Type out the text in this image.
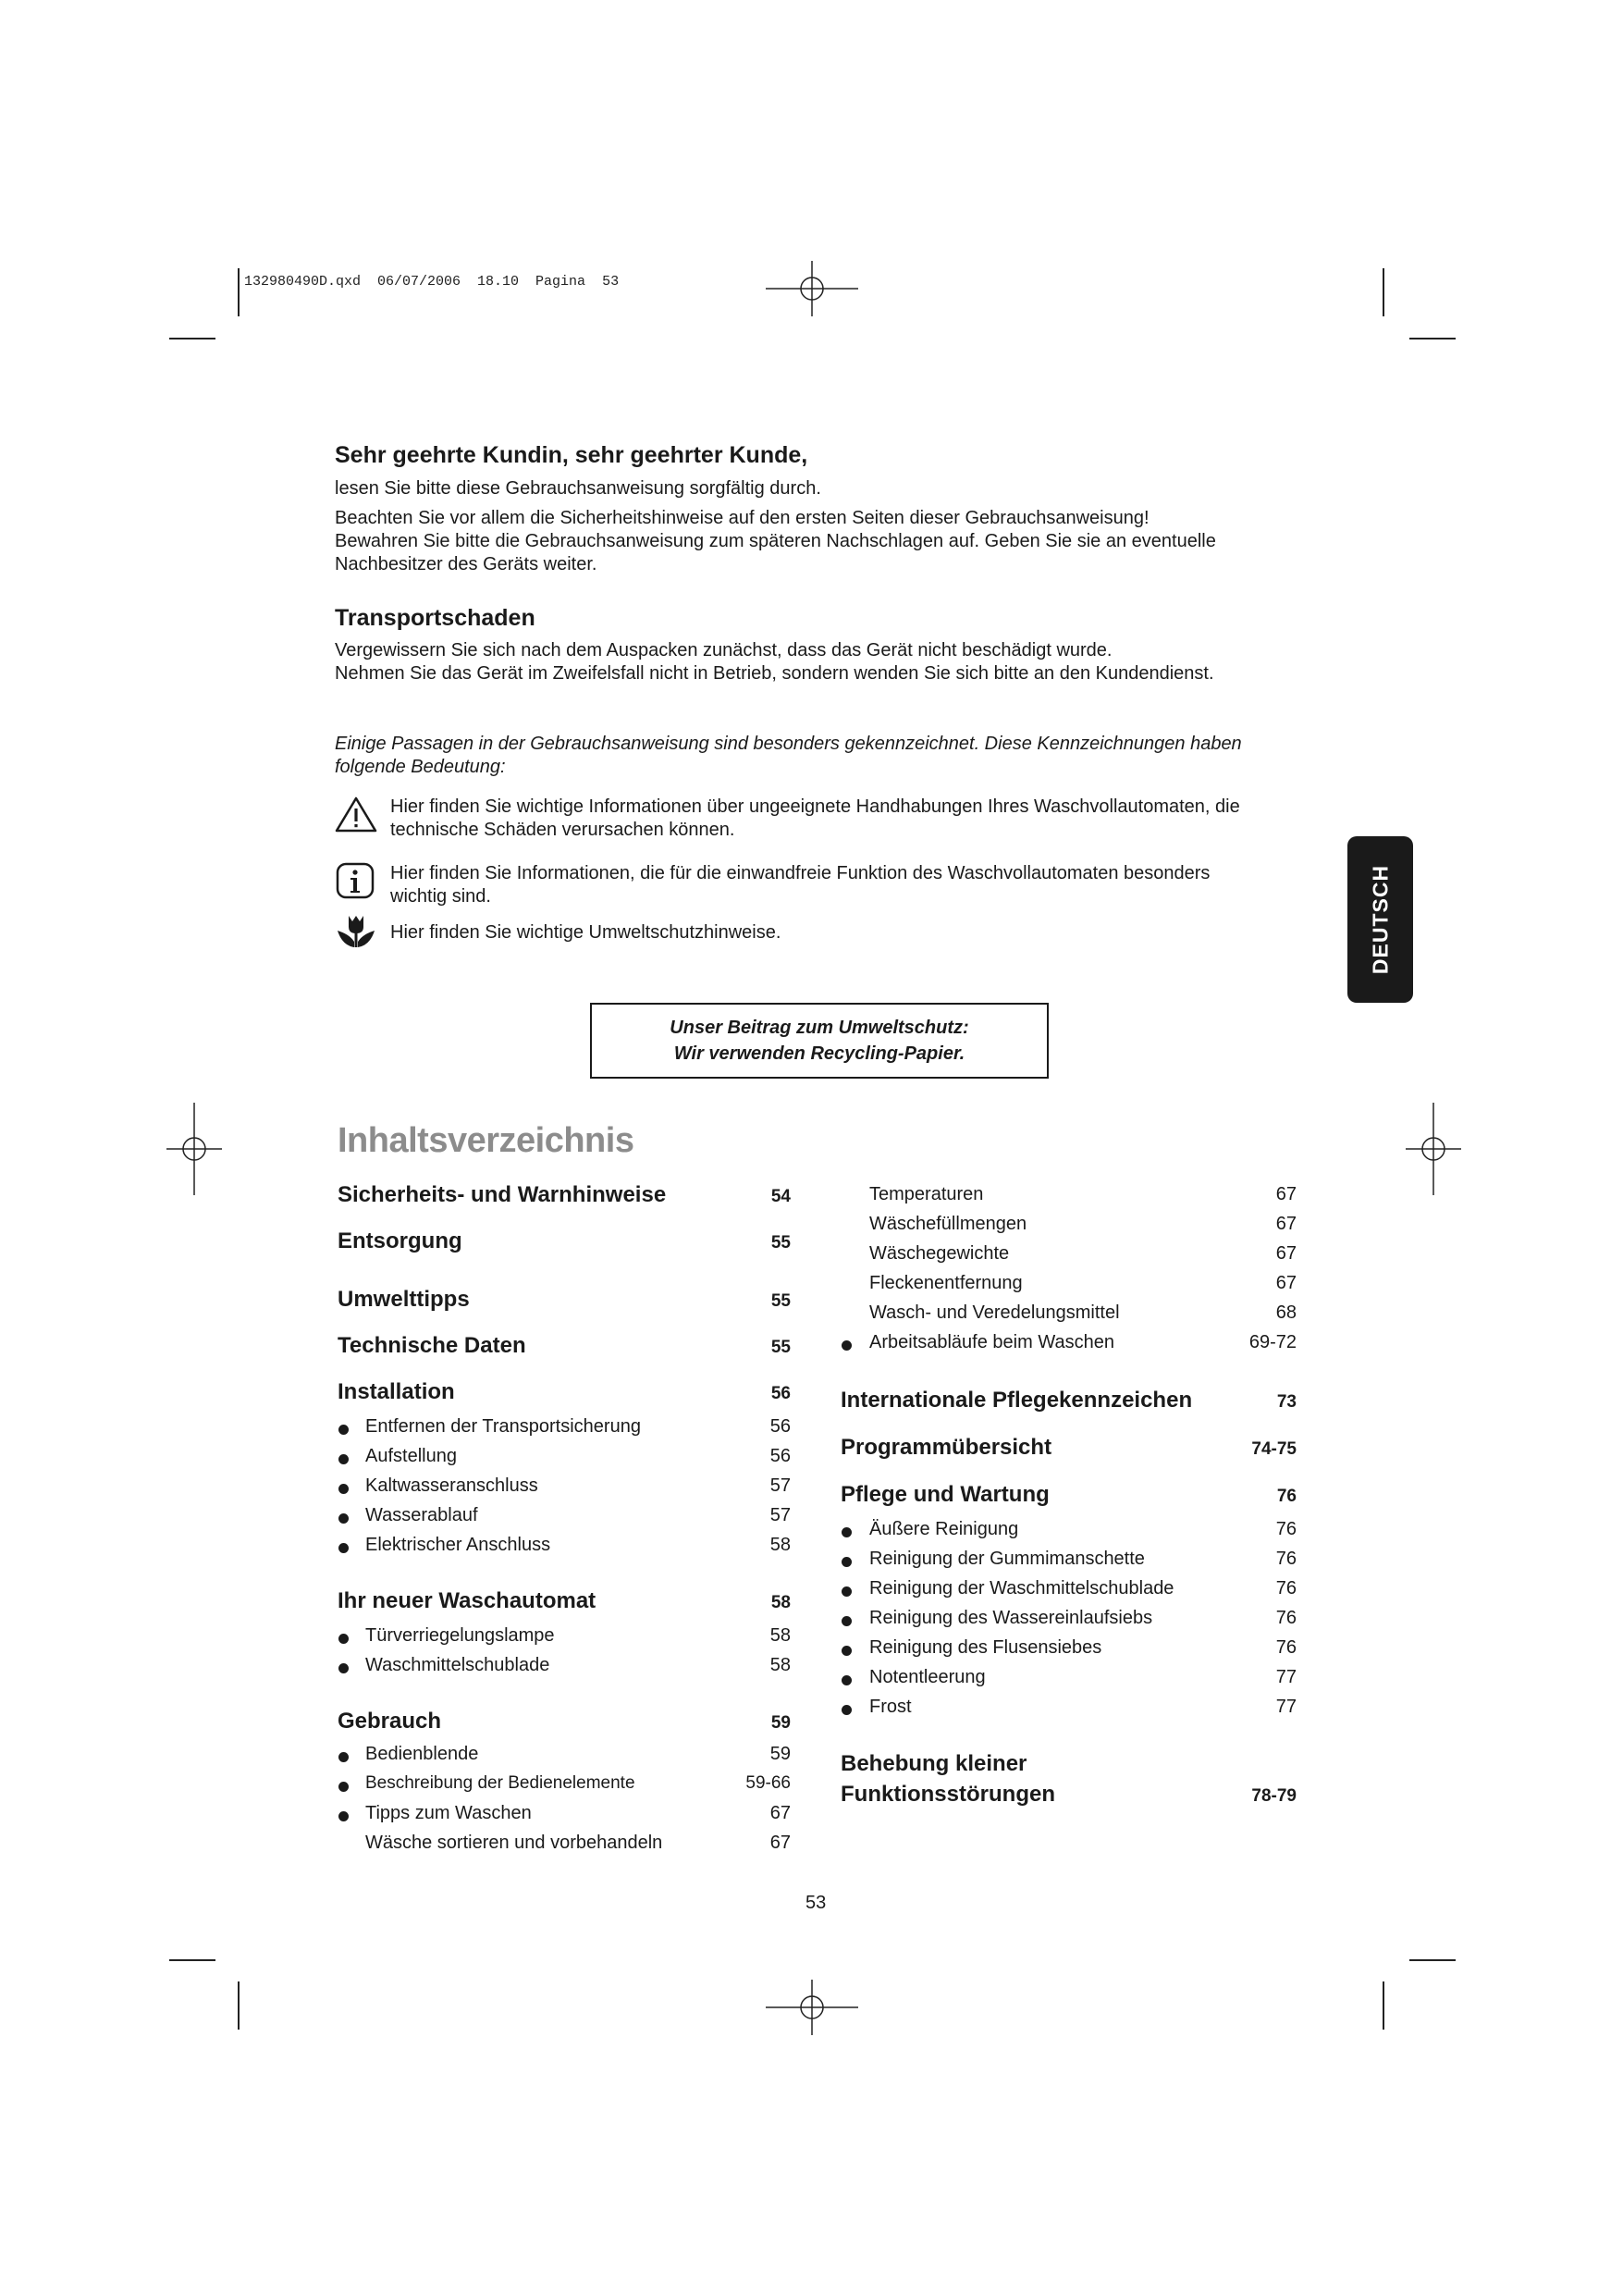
132980490D.qxd  06/07/2006  18.10  Pagina  53

Sehr geehrte Kundin, sehr geehrter Kunde,

lesen Sie bitte diese Gebrauchsanweisung sorgfältig durch.

Beachten Sie vor allem die Sicherheitshinweise auf den ersten Seiten dieser Gebrauchsanweisung!

Bewahren Sie bitte die Gebrauchsanweisung zum späteren Nachschlagen auf. Geben Sie sie an eventuelle

Nachbesitzer des Geräts weiter.

Transportschaden

Vergewissern Sie sich nach dem Auspacken zunächst, dass das Gerät nicht beschädigt wurde.

Nehmen Sie das Gerät im Zweifelsfall nicht in Betrieb, sondern wenden Sie sich bitte an den Kundendienst.

Einige Passagen in der Gebrauchsanweisung sind besonders gekennzeichnet. Diese Kennzeichnungen haben

folgende Bedeutung:

Hier finden Sie wichtige Informationen über ungeeignete Handhabungen Ihres Waschvollautomaten, die
technische Schäden verursachen können.
Hier finden Sie Informationen, die für die einwandfreie Funktion des Waschvollautomaten besonders
wichtig sind.
Hier finden Sie wichtige Umweltschutzhinweise.
Unser Beitrag zum Umweltschutz:
Wir verwenden Recycling-Papier.
DEUTSCH
Inhaltsverzeichnis
Sicherheits- und Warnhinweise	54
Entsorgung	55
Umwelttipps	55
Technische Daten	55
Installation	56
Entfernen der Transportsicherung	56
Aufstellung	56
Kaltwasseranschluss	57
Wasserablauf	57
Elektrischer Anschluss	58
Ihr neuer Waschautomat	58
Türverriegelungslampe	58
Waschmittelschublade	58
Gebrauch	59
Bedienblende	59
Beschreibung der Bedienelemente	59-66
Tipps zum Waschen	67
Wäsche sortieren und vorbehandeln	67
Temperaturen	67
Wäschefüllmengen	67
Wäschegewichte	67
Fleckenentfernung	67
Wasch- und Veredelungsmittel	68
Arbeitsabläufe beim Waschen	69-72
Internationale Pflegekennzeichen	73
Programmübersicht	74-75
Pflege und Wartung	76
Äußere Reinigung	76
Reinigung der Gummimanschette	76
Reinigung der Waschmittelschublade	76
Reinigung des Wassereinlaufsiebs	76
Reinigung des Flusensiebes	76
Notentleerung	77
Frost	77
Behebung kleiner
Funktionsstörungen	78-79
53
